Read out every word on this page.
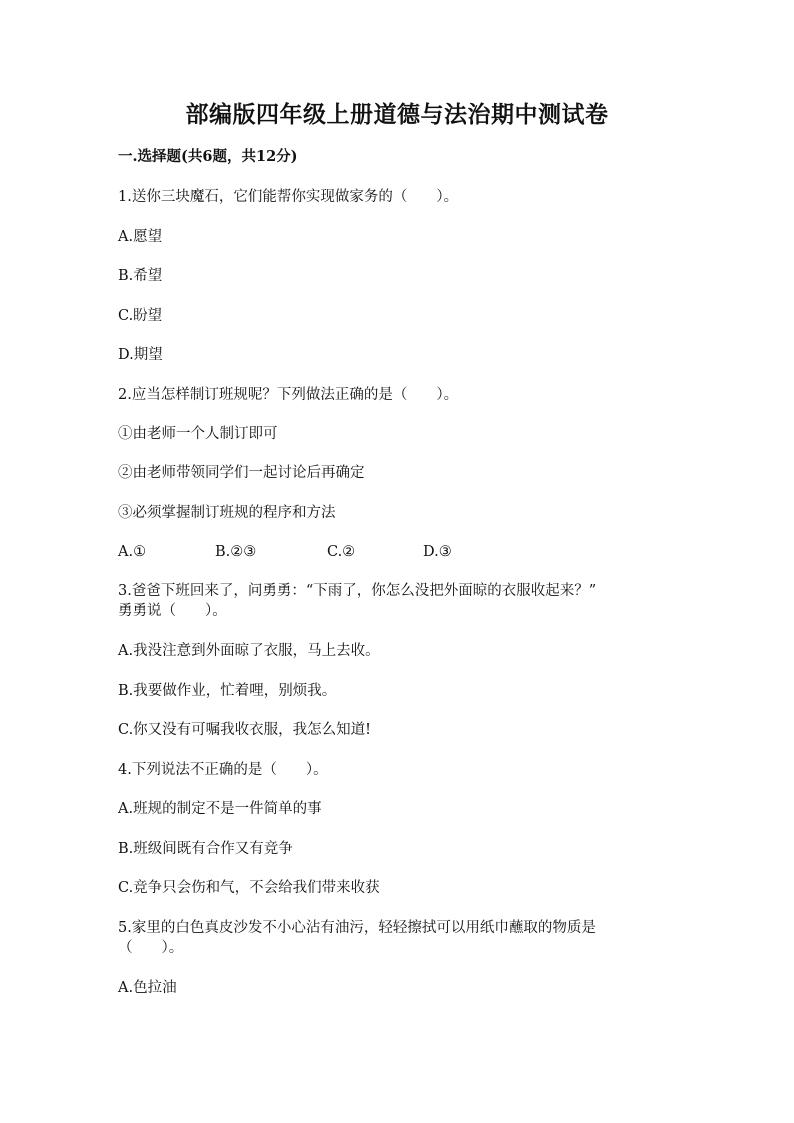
部编版四年级上册道德与法治期中测试卷
一.选择题(共6题，共12分)
1.送你三块魔石，它们能帮你实现做家务的（　　）。
A.愿望
B.希望
C.盼望
D.期望
2.应当怎样制订班规呢？下列做法正确的是（　　）。
①由老师一个人制订即可
②由老师带领同学们一起讨论后再确定
③必须掌握制订班规的程序和方法
A.①	B.②③	C.②	D.③
3.爸爸下班回来了，问勇勇：“下雨了，你怎么没把外面晾的衣服收起来？”
勇勇说（　　）。
A.我没注意到外面晾了衣服，马上去收。
B.我要做作业，忙着哩，别烦我。
C.你又没有可嘱我收衣服，我怎么知道!
4.下列说法不正确的是（　　）。
A.班规的制定不是一件简单的事
B.班级间既有合作又有竞争
C.竞争只会伤和气，不会给我们带来收获
5.家里的白色真皮沙发不小心沾有油污，轻轻擦拭可以用纸巾蘸取的物质是
（　　）。
A.色拉油
